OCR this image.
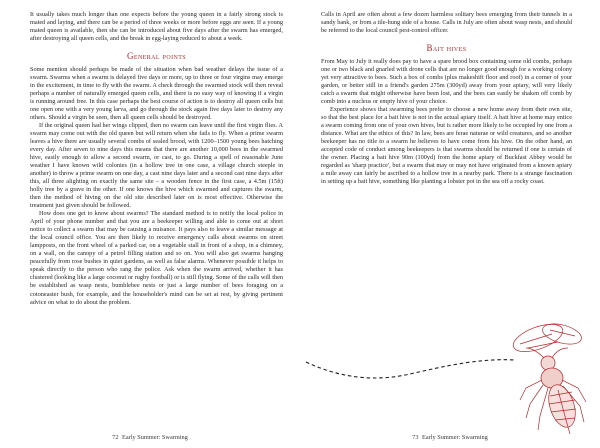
It usually takes much longer than one expects before the young queen in a fairly strong stock is mated and laying, and there can be a period of three weeks or more before eggs are seen. If a young mated queen is available, then she can be introduced about five days after the swarm has emerged, after destroying all queen cells, and the break in egg-laying reduced to about a week.

General points

Some mention should perhaps be made of the situation when bad weather delays the issue of a swarm. Swarms when a swarm is delayed five days or more, up to three or four virgins may emerge in the excitement, in time to fly with the swarm. A check through the swarmed stock will then reveal perhaps a number of naturally emerged queen cells, and there is no easy way of knowing if a virgin is running around free. In this case perhaps the best course of action is to destroy all queen cells but one open one with a very young larva, and go through the stock again five days later to destroy any others. Should a virgin be seen, then all queen cells should be destroyed.

If the original queen had her wings clipped, then no swarm can leave until the first virgin flies. A swarm may come out with the old queen but will return when she fails to fly. When a prime swarm leaves a hive there are usually several combs of sealed brood, with 1200–1500 young bees hatching every day. After seven to nine days this means that there are another 10,000 bees in the swarmed hive, easily enough to allow a second swarm, or cast, to go. During a spell of reasonable June weather I have known wild colonies (in a hollow tree in one case, a village church steeple in another) to throw a prime swarm on one day, a cast nine days later and a second cast nine days after this, all three alighting on exactly the same site – a wooden fence in the first case, a 4.5m (15ft) holly tree by a grave in the other. If one knows the hive which swarmed and captures the swarm, then the method of hiving on the old site described later on is most effective. Otherwise the treatment just given should be followed.

How does one get to know about swarms? The standard method is to notify the local police in April of your phone number and that you are a beekeeper willing and able to come out at short notice to collect a swarm that may be causing a nuisance. It pays also to leave a similar message at the local council office. You are then likely to receive emergency calls about swarms on street lampposts, on the front wheel of a parked car, on a vegetable stall in front of a shop, in a chimney, on a wall, on the canopy of a petrol filling station and so on. You will also get swarms hanging peacefully from rose bushes in quiet gardens, as well as false alarms. Whenever possible it helps to speak directly to the person who rang the police. Ask when the swarm arrived, whether it has clustered (looking like a large coconut or rugby football) or is still flying. Some of the calls will then be established as wasp nests, bumblebee nests or just a large number of bees foraging on a cotoneaster bush, for example, and the householder's mind can be set at rest, by giving pertinent advice on what to do about the problem.

72 Early Summer: Swarming

Calls in April are often about a few dozen harmless solitary bees emerging from their tunnels in a sandy bank, or from a tile-hung side of a house. Calls in July are often about wasp nests, and should be referred to the local council pest-control officer.

Bait hives

From May to July it really does pay to have a spare brood box containing some old combs, perhaps one or two black and gnarled with drone cells that are no longer good enough for a working colony yet very attractive to bees. Such a box of combs (plus makeshift floor and roof) in a corner of your garden, or better still in a friend's garden 275m (300yd) away from your apiary, will very likely catch a swarm that might otherwise have been lost, and the bees can easily be shaken off comb by comb into a nucleus or empty hive of your choice.

Experience shows that swarming bees prefer to choose a new home away from their own site, so that the best place for a bait hive is not in the actual apiary itself. A bait hive at home may entice a swarm coming from one of your own hives, but is rather more likely to be occupied by one from a distance. What are the ethics of this? In law, bees are ferae naturae or wild creatures, and so another beekeeper has no title to a swarm he believes to have come from his hive. On the other hand, an accepted code of conduct among beekeepers is that swarms should be returned if one is certain of the owner. Placing a bait hive 90m (100yd) from the home apiary of Buckfast Abbey would be regarded as 'sharp practice', but a swarm that may or may not have originated from a known apiary a mile away can fairly be ascribed to a hollow tree in a nearby park. There is a strange fascination in setting up a bait hive, something like planting a lobster pot in the sea off a rocky coast.

73 Early Summer: Swarming
